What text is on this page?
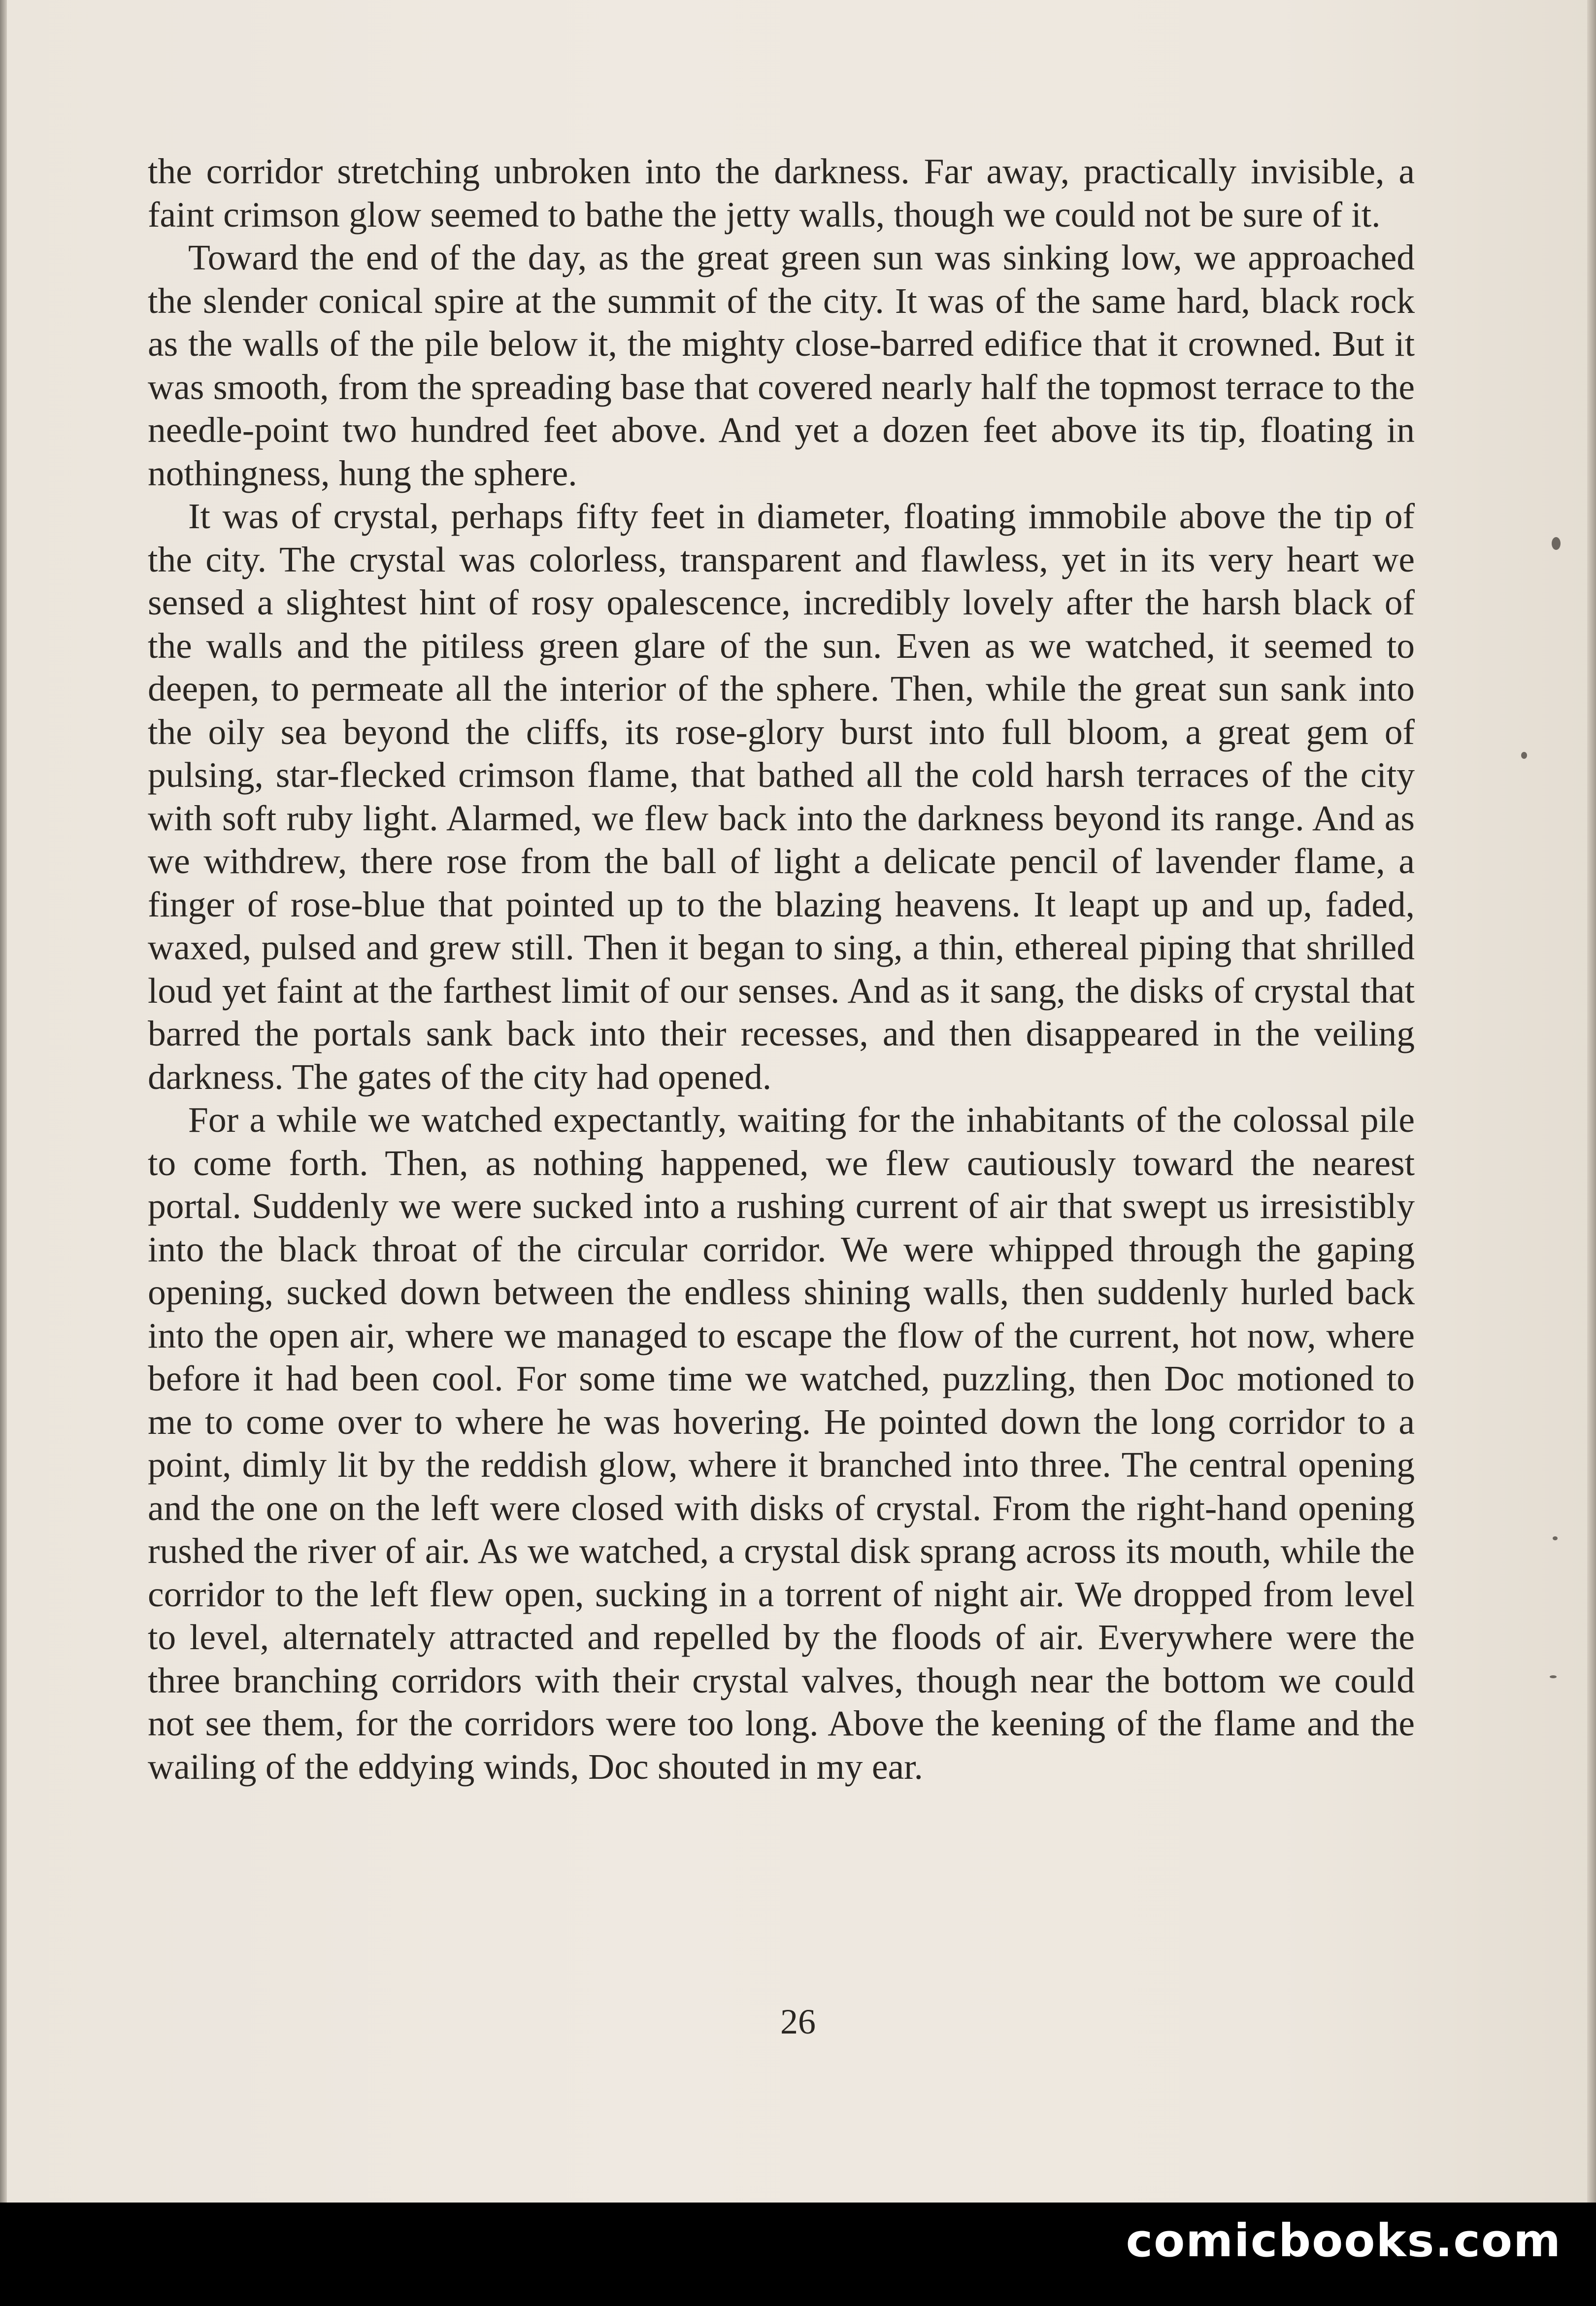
the corridor stretching unbroken into the darkness. Far away, practically invisible, a faint crimson glow seemed to bathe the jetty walls, though we could not be sure of it.

Toward the end of the day, as the great green sun was sinking low, we approached the slender conical spire at the summit of the city. It was of the same hard, black rock as the walls of the pile below it, the mighty close-barred edifice that it crowned. But it was smooth, from the spreading base that covered nearly half the topmost terrace to the needle-point two hundred feet above. And yet a dozen feet above its tip, floating in nothingness, hung the sphere.

It was of crystal, perhaps fifty feet in diameter, floating immobile above the tip of the city. The crystal was colorless, transparent and flawless, yet in its very heart we sensed a slightest hint of rosy opalescence, incredibly lovely after the harsh black of the walls and the pitiless green glare of the sun. Even as we watched, it seemed to deepen, to permeate all the interior of the sphere. Then, while the great sun sank into the oily sea beyond the cliffs, its rose-glory burst into full bloom, a great gem of pulsing, star-flecked crimson flame, that bathed all the cold harsh terraces of the city with soft ruby light. Alarmed, we flew back into the darkness beyond its range. And as we withdrew, there rose from the ball of light a delicate pencil of lavender flame, a finger of rose-blue that pointed up to the blazing heavens. It leapt up and up, faded, waxed, pulsed and grew still. Then it began to sing, a thin, ethereal piping that shrilled loud yet faint at the farthest limit of our senses. And as it sang, the disks of crystal that barred the portals sank back into their recesses, and then disappeared in the veiling darkness. The gates of the city had opened.

For a while we watched expectantly, waiting for the inhabitants of the colossal pile to come forth. Then, as nothing happened, we flew cautiously toward the nearest portal. Suddenly we were sucked into a rushing current of air that swept us irresistibly into the black throat of the circular corridor. We were whipped through the gaping opening, sucked down between the endless shining walls, then suddenly hurled back into the open air, where we managed to escape the flow of the current, hot now, where before it had been cool. For some time we watched, puzzling, then Doc motioned to me to come over to where he was hovering. He pointed down the long corridor to a point, dimly lit by the reddish glow, where it branched into three. The central opening and the one on the left were closed with disks of crystal. From the right-hand opening rushed the river of air. As we watched, a crystal disk sprang across its mouth, while the corridor to the left flew open, sucking in a torrent of night air. We dropped from level to level, alternately attracted and repelled by the floods of air. Everywhere were the three branching corridors with their crystal valves, though near the bottom we could not see them, for the corridors were too long. Above the keening of the flame and the wailing of the eddying winds, Doc shouted in my ear.

26
comicbooks.com
